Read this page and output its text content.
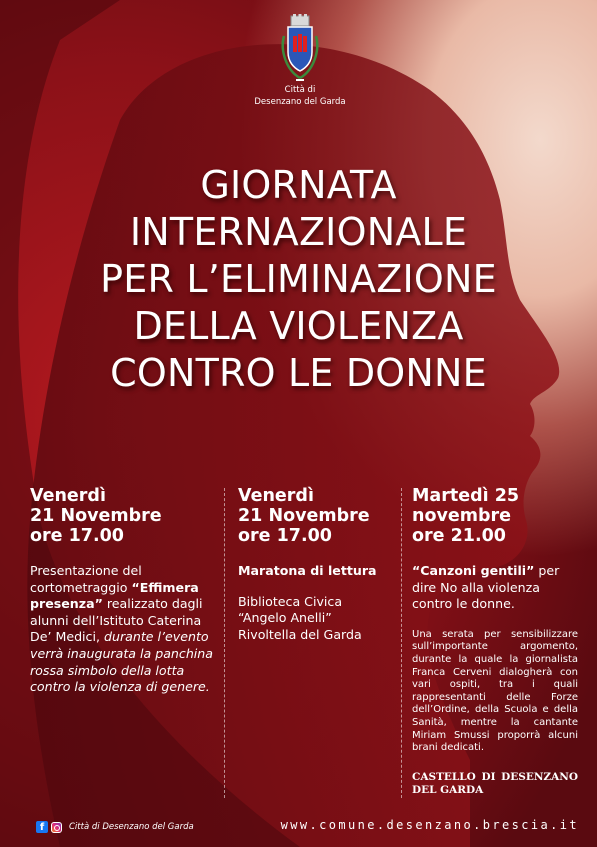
Città di
Desenzano del Garda
GIORNATA
INTERNAZIONALE
PER L’ELIMINAZIONE
DELLA VIOLENZA
CONTRO LE DONNE
Venerdì
21 Novembre
ore 17.00
Presentazione del cortometraggio “Effimera presenza” realizzato dagli alunni dell’Istituto Caterina De’ Medici, durante l’evento verrà inaugurata la panchina rossa simbolo della lotta contro la violenza di genere.
Venerdì
21 Novembre
ore 17.00
Maratona di lettura
Biblioteca Civica
“Angelo Anelli”
Rivoltella del Garda
Martedì 25
novembre
ore 21.00
“Canzoni gentili” per dire No alla violenza contro le donne.
Una serata per sensibilizzare sull’importante argomento, durante la quale la giornalista Franca Cerveni dialogherà con vari ospiti, tra i quali rappresentanti delle Forze dell’Ordine, della Scuola e della Sanità, mentre la cantante Miriam Smussi proporrà alcuni brani dedicati.
CASTELLO DI DESENZANO DEL GARDA
f	Città di Desenzano del Garda	www.comune.desenzano.brescia.it
